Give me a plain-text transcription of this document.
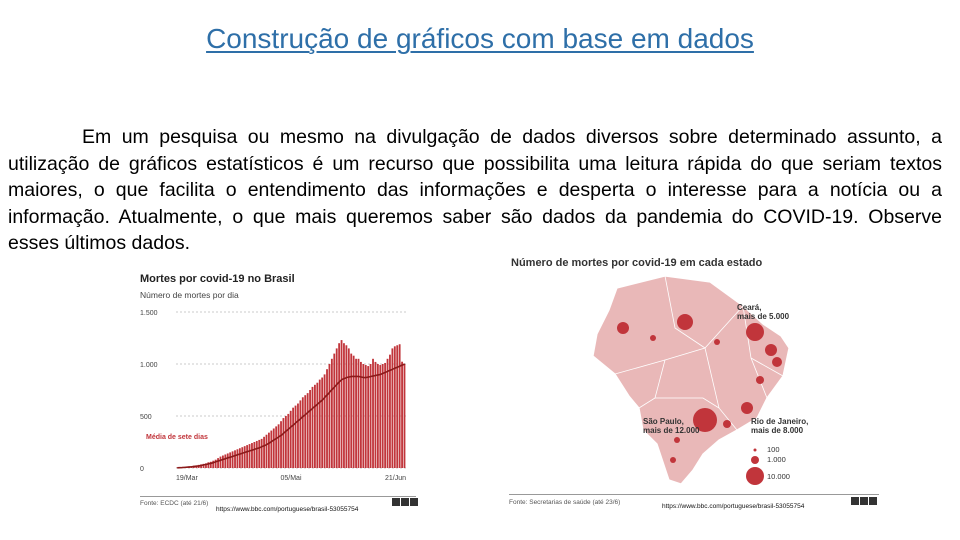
Construção de gráficos com base em dados
Em um pesquisa ou mesmo na divulgação de dados diversos sobre determinado assunto, a utilização de gráficos estatísticos é um recurso que possibilita uma leitura rápida do que seriam textos maiores, o que facilita o entendimento das informações e desperta o interesse para a notícia ou a informação. Atualmente, o que mais queremos saber são dados da pandemia do COVID-19. Observe esses últimos dados.
Mortes por covid-19 no Brasil
Número de mortes por dia
1.500
1.000
500
0
Média de sete dias
19/Mar	05/Mai	21/Jun
Fonte: ECDC (até 21/6)
Número de mortes por covid-19 em cada estado
Ceará, mais de 5.000
São Paulo, mais de 12.000
Rio de Janeiro, mais de 8.000
100
1.000
10.000
Fonte: Secretarias de saúde (até 23/6)
https://www.bbc.com/portuguese/brasil-53055754	https://www.bbc.com/portuguese/brasil-53055754
